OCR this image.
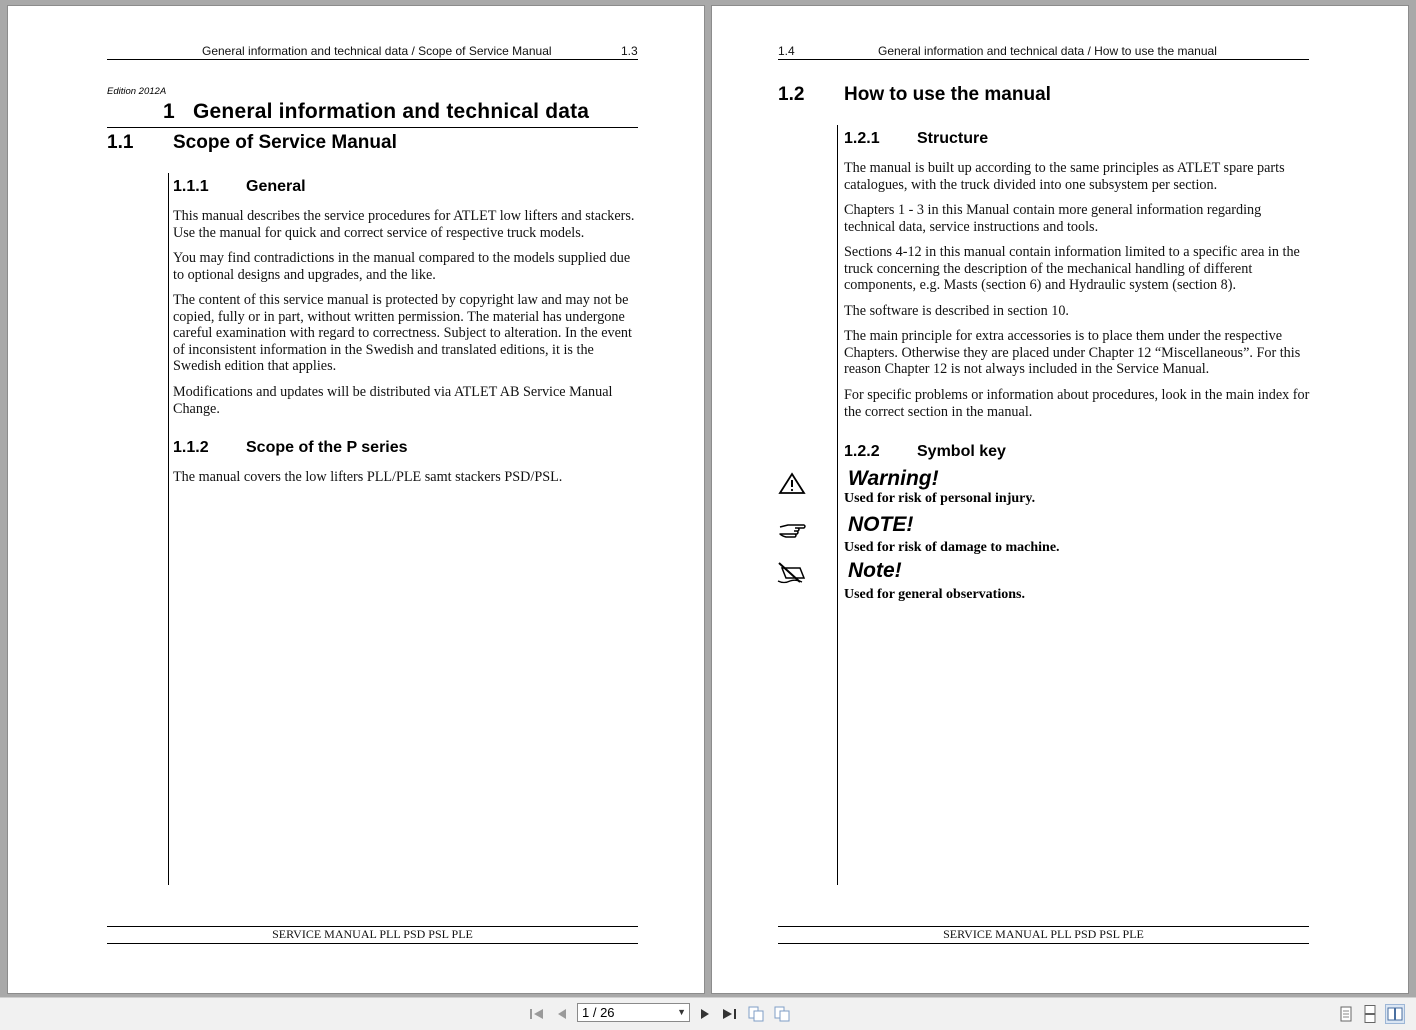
General information and technical data / Scope of Service Manual	1.3
Edition 2012A
1 General information and technical data
1.1 Scope of Service Manual
1.1.1 General
This manual describes the service procedures for ATLET low lifters and stackers. Use the manual for quick and correct service of respective truck models.
You may find contradictions in the manual compared to the models supplied due to optional designs and upgrades, and the like.
The content of this service manual is protected by copyright law and may not be copied, fully or in part, without written permission. The material has undergone careful examination with regard to correctness. Subject to alteration. In the event of inconsistent information in the Swedish and translated editions, it is the Swedish edition that applies.
Modifications and updates will be distributed via ATLET AB Service Manual Change.
1.1.2 Scope of the P series
The manual covers the low lifters PLL/PLE samt stackers PSD/PSL.
SERVICE MANUAL PLL PSD PSL PLE
1.4	General information and technical data / How to use the manual
1.2 How to use the manual
1.2.1 Structure
The manual is built up according to the same principles as ATLET spare parts catalogues, with the truck divided into one subsystem per section.
Chapters 1 - 3 in this Manual contain more general information regarding technical data, service instructions and tools.
Sections 4-12 in this manual contain information limited to a specific area in the truck concerning the description of the mechanical handling of different components, e.g. Masts (section 6) and Hydraulic system (section 8).
The software is described in section 10.
The main principle for extra accessories is to place them under the respective Chapters. Otherwise they are placed under Chapter 12 “Miscellaneous”. For this reason Chapter 12 is not always included in the Service Manual.
For specific problems or information about procedures, look in the main index for the correct section in the manual.
1.2.2 Symbol key
Warning!
Used for risk of personal injury.
NOTE!
Used for risk of damage to machine.
Note!
Used for general observations.
SERVICE MANUAL PLL PSD PSL PLE
1 / 26	▼
